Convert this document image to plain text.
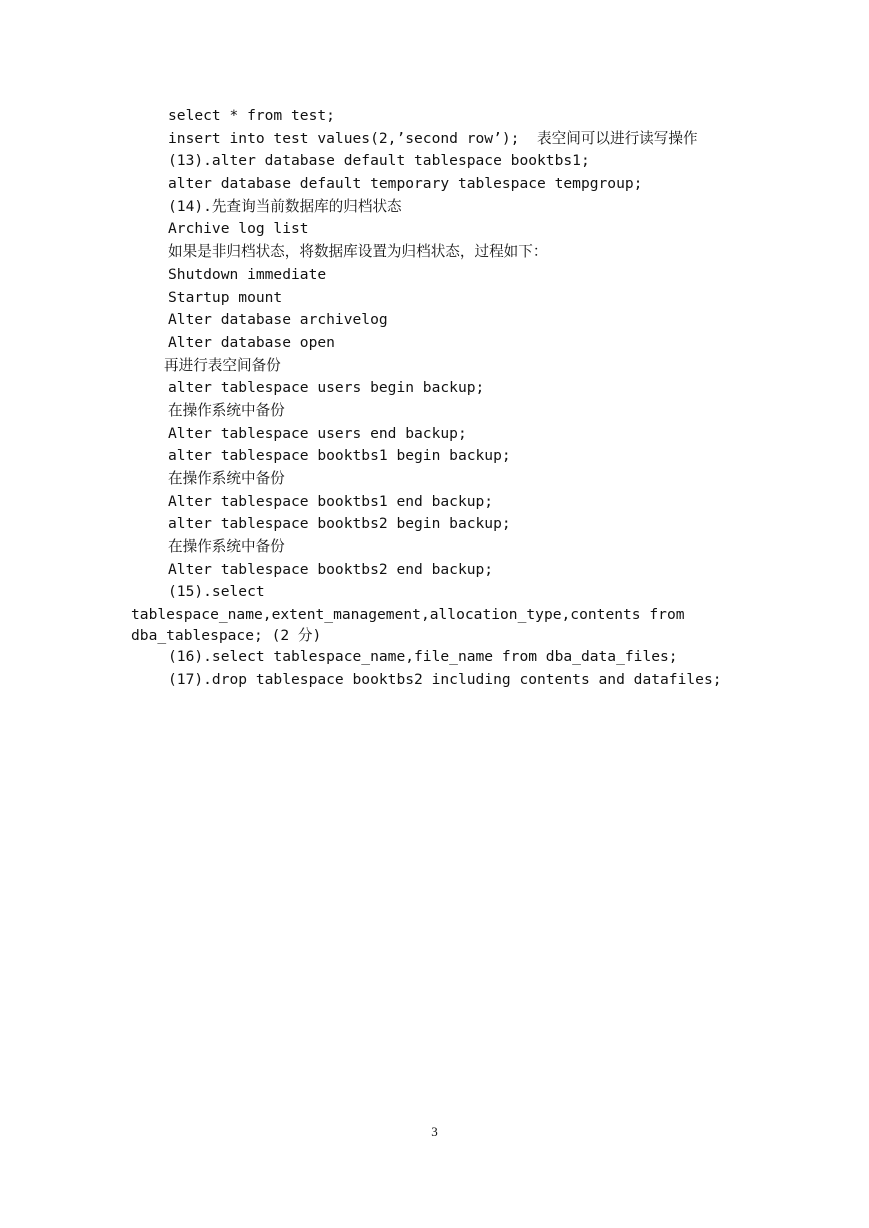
select * from test;
insert into test values(2,’second row’);  表空间可以进行读写操作
(13).alter database default tablespace booktbs1;
alter database default temporary tablespace tempgroup;
(14).先查询当前数据库的归档状态
Archive log list
如果是非归档状态，将数据库设置为归档状态，过程如下：
Shutdown immediate
Startup mount
Alter database archivelog
Alter database open
再进行表空间备份
alter tablespace users begin backup;
在操作系统中备份
Alter tablespace users end backup;
alter tablespace booktbs1 begin backup;
在操作系统中备份
Alter tablespace booktbs1 end backup;
alter tablespace booktbs2 begin backup;
在操作系统中备份
Alter tablespace booktbs2 end backup;
(15).select
tablespace_name,extent_management,allocation_type,contents from
dba_tablespace; (2 分)
(16).select tablespace_name,file_name from dba_data_files;
(17).drop tablespace booktbs2 including contents and datafiles;
3
